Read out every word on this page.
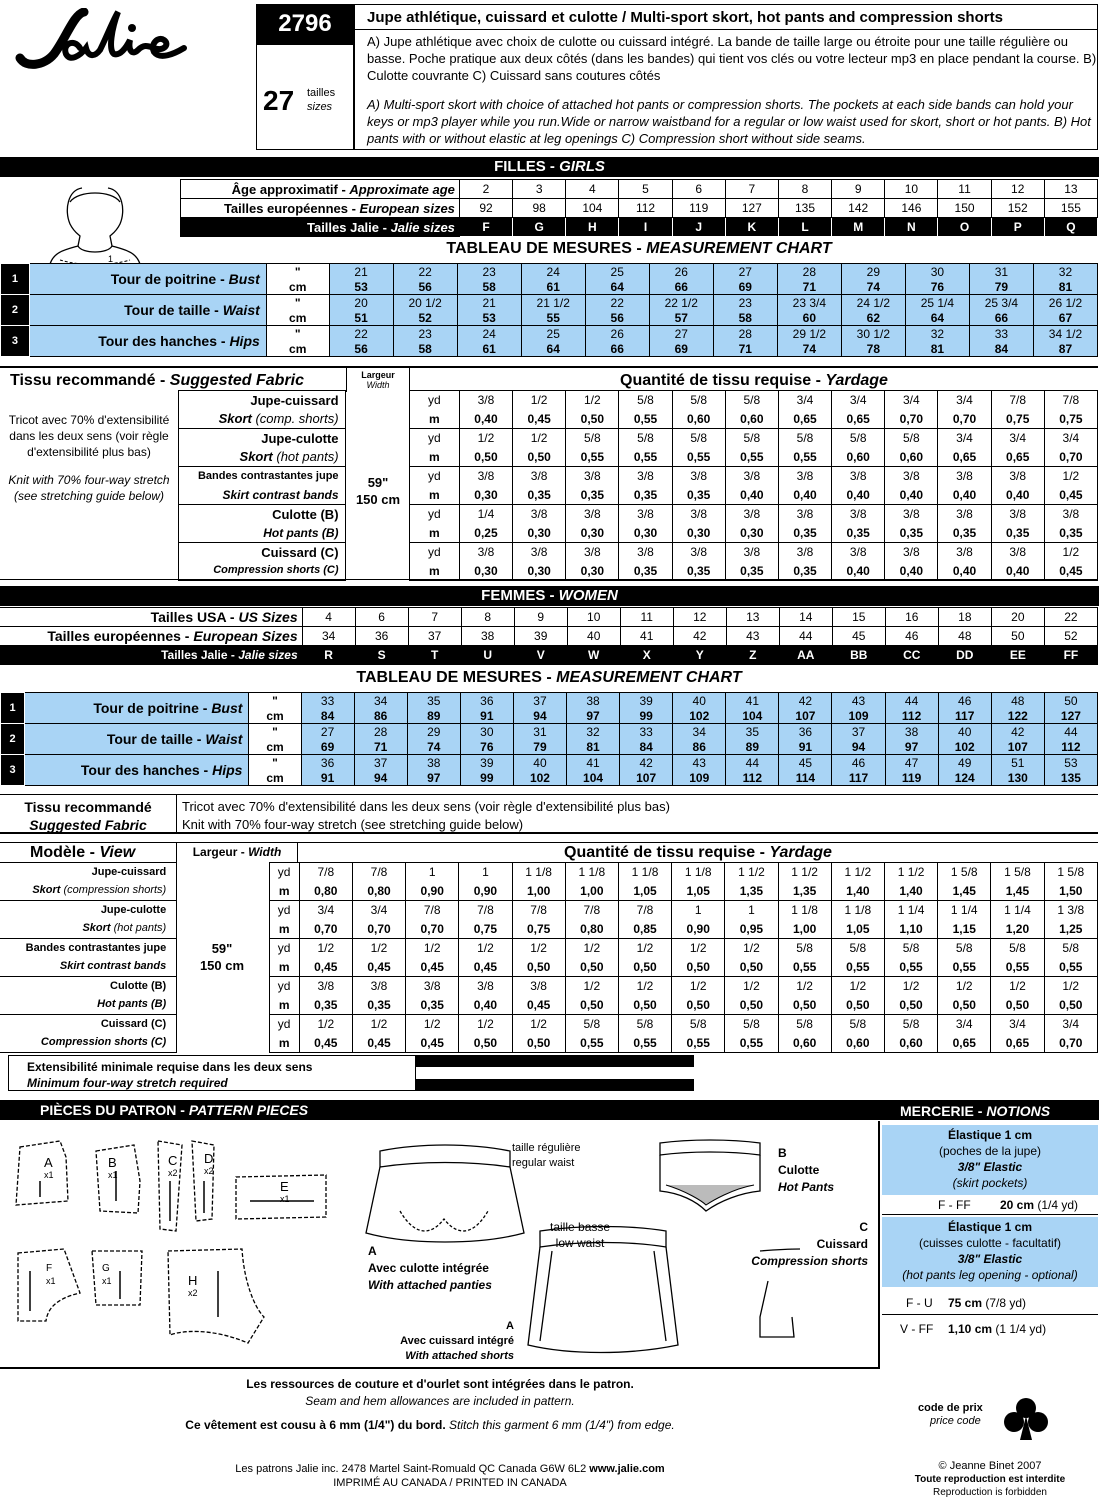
2796
27 tailles
sizes
Jupe athlétique, cuissard et culotte / Multi-sport skort, hot pants and compression shorts
A) Jupe athlétique avec choix de culotte ou cuissard intégré. La bande de taille large ou étroite pour une taille régulière ou basse. Poche pratique aux deux côtés (dans les bandes) qui tient vos clés ou votre lecteur mp3 en place pendant la course. B) Culotte couvrante C) Cuissard sans coutures côtés
A) Multi-sport skort with choice of attached hot pants or compression shorts. The pockets at each side bands can hold your keys or mp3 player while you run.Wide or narrow waistband for a regular or low waist used for skort, short or hot pants. B) Hot pants with or without elastic at leg openings C) Compression short without side seams.
FILLES - GIRLS
1
Âge approximatif - Approximate age	2	3	4	5	6	7	8	9	10	11	12	13
Tailles européennes - European sizes	92	98	104	112	119	127	135	142	146	150	152	155
Tailles Jalie - Jalie sizes	F	G	H	I	J	K	L	M	N	O	P	Q
TABLEAU DE MESURES - MEASUREMENT CHART
1	Tour de poitrine - Bust	"	21	22	23	24	25	26	27	28	29	30	31	32
		cm	53	56	58	61	64	66	69	71	74	76	79	81
2	Tour de taille - Waist	"	20	20 1/2	21	21 1/2	22	22 1/2	23	23 3/4	24 1/2	25 1/4	25 3/4	26 1/2
		cm	51	52	53	55	56	57	58	60	62	64	66	67
3	Tour des hanches - Hips	"	22	23	24	25	26	27	28	29 1/2	30 1/2	32	33	34 1/2
		cm	56	58	61	64	66	69	71	74	78	81	84	87
Tissu recommandé - Suggested Fabric	Largeur
Width	Quantité de tissu requise - Yardage
Tricot avec 70% d'extensibilité dans les deux sens (voir règle d'extensibilité plus bas)
Knit with 70% four-way stretch (see stretching guide below)
59"
150 cm
Jupe-cuissard		yd	3/8	1/2	1/2	5/8	5/8	5/8	3/4	3/4	3/4	3/4	7/8	7/8
Skort (comp. shorts)		m	0,40	0,45	0,50	0,55	0,60	0,60	0,65	0,65	0,70	0,70	0,75	0,75
Jupe-culotte		yd	1/2	1/2	5/8	5/8	5/8	5/8	5/8	5/8	5/8	3/4	3/4	3/4
Skort (hot pants)		m	0,50	0,50	0,55	0,55	0,55	0,55	0,55	0,60	0,60	0,65	0,65	0,70
Bandes contrastantes jupe		yd	3/8	3/8	3/8	3/8	3/8	3/8	3/8	3/8	3/8	3/8	3/8	1/2
Skirt contrast bands		m	0,30	0,35	0,35	0,35	0,35	0,40	0,40	0,40	0,40	0,40	0,40	0,45
Culotte (B)		yd	1/4	3/8	3/8	3/8	3/8	3/8	3/8	3/8	3/8	3/8	3/8	3/8
Hot pants (B)		m	0,25	0,30	0,30	0,30	0,30	0,30	0,35	0,35	0,35	0,35	0,35	0,35
Cuissard (C)		yd	3/8	3/8	3/8	3/8	3/8	3/8	3/8	3/8	3/8	3/8	3/8	1/2
Compression shorts (C)		m	0,30	0,30	0,30	0,35	0,35	0,35	0,35	0,40	0,40	0,40	0,40	0,45
FEMMES - WOMEN
Tailles USA - US Sizes	4	6	7	8	9	10	11	12	13	14	15	16	18	20	22
Tailles européennes - European Sizes	34	36	37	38	39	40	41	42	43	44	45	46	48	50	52
Tailles Jalie - Jalie sizes	R	S	T	U	V	W	X	Y	Z	AA	BB	CC	DD	EE	FF
TABLEAU DE MESURES - MEASUREMENT CHART
1	Tour de poitrine - Bust	"	33	34	35	36	37	38	39	40	41	42	43	44	46	48	50
		cm	84	86	89	91	94	97	99	102	104	107	109	112	117	122	127
2	Tour de taille - Waist	"	27	28	29	30	31	32	33	34	35	36	37	38	40	42	44
		cm	69	71	74	76	79	81	84	86	89	91	94	97	102	107	112
3	Tour des hanches - Hips	"	36	37	38	39	40	41	42	43	44	45	46	47	49	51	53
		cm	91	94	97	99	102	104	107	109	112	114	117	119	124	130	135
Tissu recommandé
Suggested Fabric
Tricot avec 70% d'extensibilité dans les deux sens (voir règle d'extensibilité plus bas)
Knit with 70% four-way stretch (see stretching guide below)
Modèle - View	Largeur - Width	Quantité de tissu requise - Yardage
Jupe-cuissard		yd	7/8	7/8	1	1	1 1/8	1 1/8	1 1/8	1 1/8	1 1/2	1 1/2	1 1/2	1 1/2	1 5/8	1 5/8	1 5/8
Skort (compression shorts)		m	0,80	0,80	0,90	0,90	1,00	1,00	1,05	1,05	1,35	1,35	1,40	1,40	1,45	1,45	1,50
Jupe-culotte		yd	3/4	3/4	7/8	7/8	7/8	7/8	7/8	1	1	1 1/8	1 1/8	1 1/4	1 1/4	1 1/4	1 3/8
Skort (hot pants)		m	0,70	0,70	0,70	0,75	0,75	0,80	0,85	0,90	0,95	1,00	1,05	1,10	1,15	1,20	1,25
Bandes contrastantes jupe		yd	1/2	1/2	1/2	1/2	1/2	1/2	1/2	1/2	1/2	5/8	5/8	5/8	5/8	5/8	5/8
Skirt contrast bands		m	0,45	0,45	0,45	0,45	0,50	0,50	0,50	0,50	0,50	0,55	0,55	0,55	0,55	0,55	0,55
Culotte (B)		yd	3/8	3/8	3/8	3/8	3/8	1/2	1/2	1/2	1/2	1/2	1/2	1/2	1/2	1/2	1/2
Hot pants (B)		m	0,35	0,35	0,35	0,40	0,45	0,50	0,50	0,50	0,50	0,50	0,50	0,50	0,50	0,50	0,50
Cuissard (C)		yd	1/2	1/2	1/2	1/2	1/2	5/8	5/8	5/8	5/8	5/8	5/8	5/8	3/4	3/4	3/4
Compression shorts (C)		m	0,45	0,45	0,45	0,50	0,50	0,55	0,55	0,55	0,55	0,60	0,60	0,60	0,65	0,65	0,70
59"
150 cm
Extensibilité minimale requise dans les deux sens
Minimum four-way stretch required
PIÈCES DU PATRON - PATTERN PIECES	MERCERIE - NOTIONS
A
x1
B
x1
C
x2
D
x2
E
x1
F
x1
G
x1	H
x2
taille régulière
regular waist
taille basse
low waist
A
Avec culotte intégrée
With attached panties
A
Avec cuissard intégré
With attached shorts
B
Culotte
Hot Pants
C
Cuissard
Compression shorts
Élastique 1 cm
(poches de la jupe)
3/8" Elastic
(skirt pockets)
F - FF 20 cm (1/4 yd)
Élastique 1 cm
(cuisses culotte - facultatif)
3/8" Elastic
(hot pants leg opening - optional)
F - U 75 cm (7/8 yd)
V - FF 1,10 cm (1 1/4 yd)
Les ressources de couture et d'ourlet sont intégrées dans le patron.
Seam and hem allowances are included in pattern.
Ce vêtement est cousu à 6 mm (1/4") du bord. Stitch this garment 6 mm (1/4") from edge.
code de prix
price code
Les patrons Jalie inc. 2478 Martel Saint-Romuald QC Canada G6W 6L2 www.jalie.com
IMPRIMÉ AU CANADA / PRINTED IN CANADA
© Jeanne Binet 2007
Toute reproduction est interdite
Reproduction is forbidden
